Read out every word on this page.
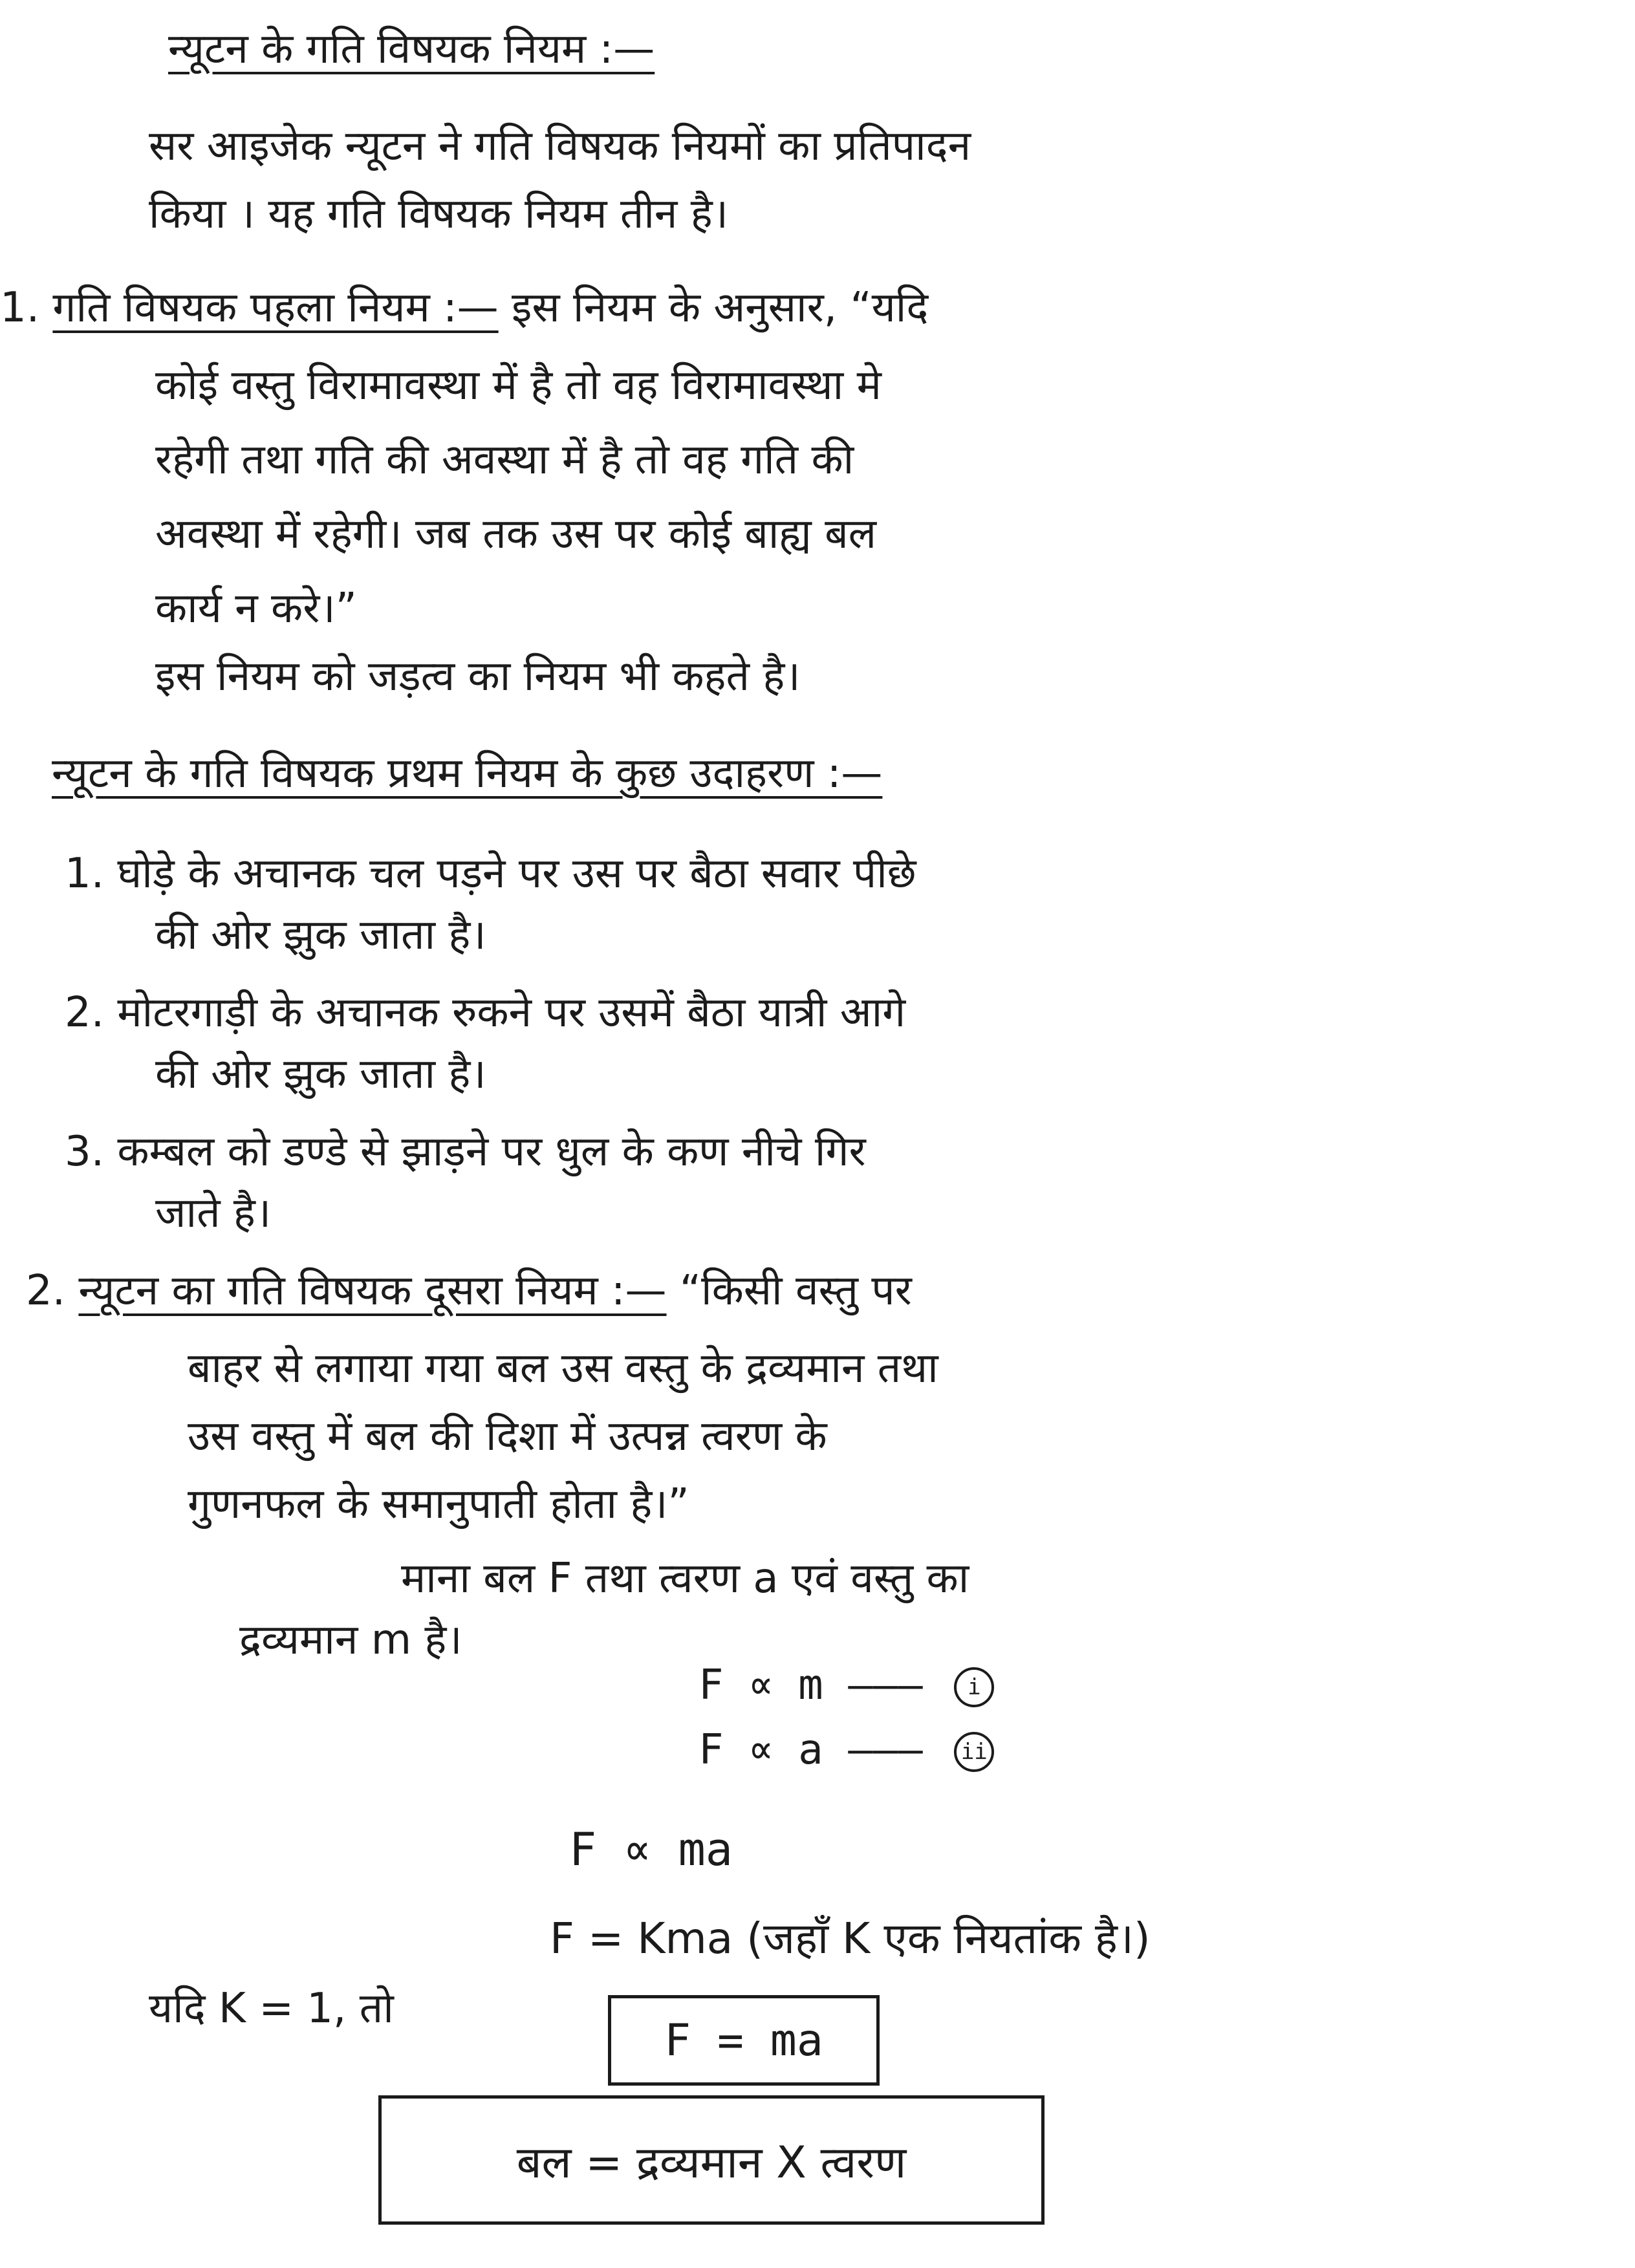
न्यूटन के गति विषयक नियम :—
सर आइजेक न्यूटन ने गति विषयक नियमों का प्रतिपादन
किया । यह गति विषयक नियम तीन है।
1. गति विषयक पहला नियम :— इस नियम के अनुसार, “यदि
कोई वस्तु विरामावस्था में है तो वह विरामावस्था मे
रहेगी तथा गति की अवस्था में है तो वह गति की
अवस्था में रहेगी। जब तक उस पर कोई बाह्य बल
कार्य न करे।”
इस नियम को जड़त्व का नियम भी कहते है।
न्यूटन के गति विषयक प्रथम नियम के कुछ उदाहरण :—
1. घोड़े के अचानक चल पड़ने पर उस पर बैठा सवार पीछे
की ओर झुक जाता है।
2. मोटरगाड़ी के अचानक रुकने पर उसमें बैठा यात्री आगे
की ओर झुक जाता है।
3. कम्बल को डण्डे से झाड़ने पर धुल के कण नीचे गिर
जाते है।
2. न्यूटन का गति विषयक दूसरा नियम :— “किसी वस्तु पर
बाहर से लगाया गया बल उस वस्तु के द्रव्यमान तथा
उस वस्तु में बल की दिशा में उत्पन्न त्वरण के
गुणनफल के समानुपाती होता है।”
माना बल F तथा त्वरण a एवं वस्तु का
द्रव्यमान m है।
F ∝ m ——— i
F ∝ a ——— ii
F ∝ ma
F = Kma (जहाँ K एक नियतांक है।)
यदि K = 1, तो
F = ma
बल = द्रव्यमान X त्वरण
